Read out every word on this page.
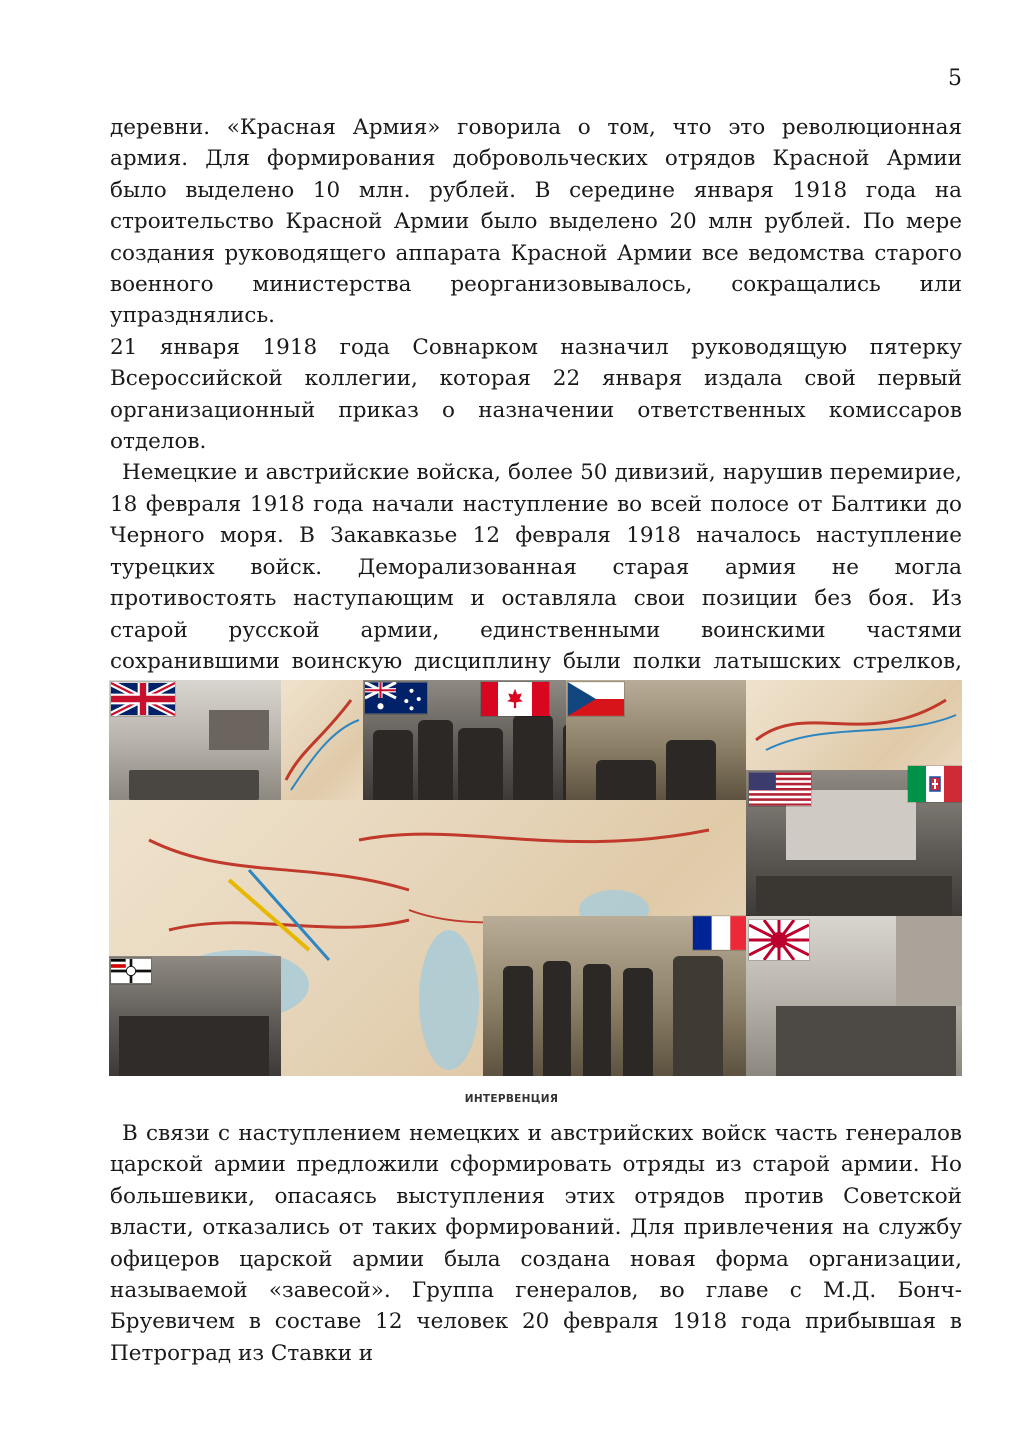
5

деревни. «Красная Армия» говорила о том, что это революционная армия. Для формирования добровольческих отрядов Красной Армии было выделено 10 млн. рублей. В середине января 1918 года на строительство Красной Армии было выделено 20 млн рублей. По мере создания руководящего аппарата Красной Армии все ведомства старого военного министерства реорганизовывалось, сокращались или упразднялись.

21 января 1918 года Совнарком назначил руководящую пятерку Всероссийской коллегии, которая 22 января издала свой первый организационный приказ о назначении ответственных комиссаров отделов.

Немецкие и австрийские войска, более 50 дивизий, нарушив перемирие, 18 февраля 1918 года начали наступление во всей полосе от Балтики до Черного моря. В Закавказье 12 февраля 1918 началось наступление турецких войск. Деморализованная старая армия не могла противостоять наступающим и оставляла свои позиции без боя. Из старой русской армии, единственными воинскими частями сохранившими воинскую дисциплину были полки латышских стрелков,

ИНТЕРВЕНЦИЯ

В связи с наступлением немецких и австрийских войск часть генералов царской армии предложили сформировать отряды из старой армии. Но большевики, опасаясь выступления этих отрядов против Советской власти, отказались от таких формирований. Для привлечения на службу офицеров царской армии была создана новая форма организации, называемой «завесой». Группа генералов, во главе с М.Д. Бонч- Бруевичем в составе 12 человек 20 февраля 1918 года прибывшая в Петроград из Ставки и
